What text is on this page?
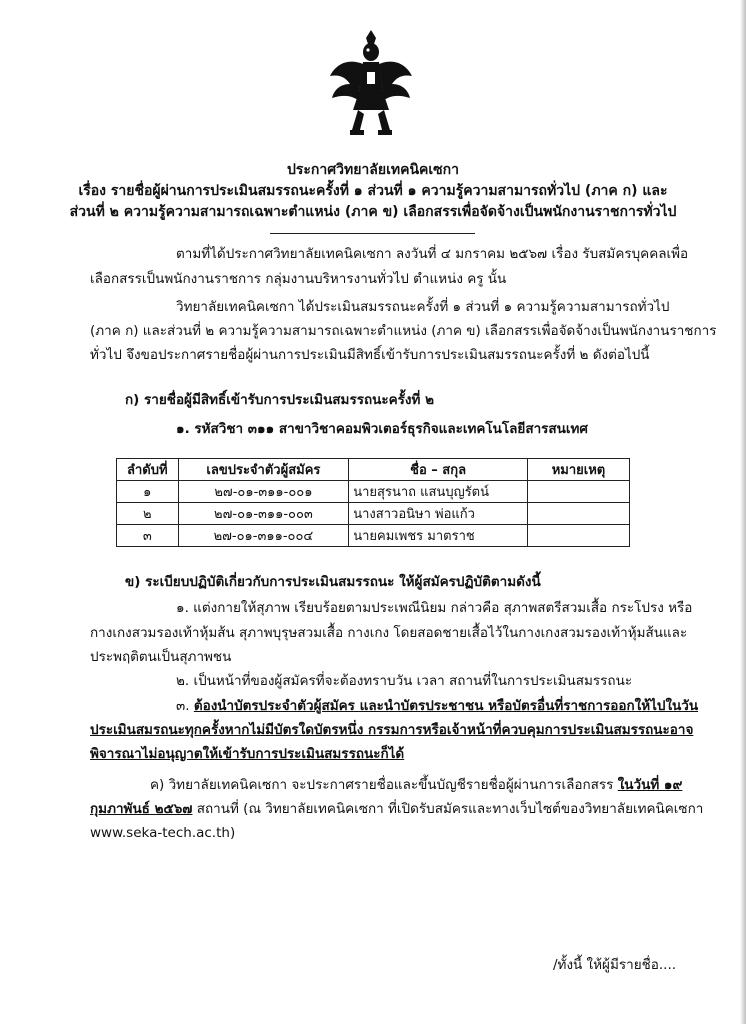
ประกาศวิทยาลัยเทคนิคเซกา
เรื่อง รายชื่อผู้ผ่านการประเมินสมรรถนะครั้งที่ ๑ ส่วนที่ ๑ ความรู้ความสามารถทั่วไป (ภาค ก) และ
ส่วนที่ ๒ ความรู้ความสามารถเฉพาะตำแหน่ง (ภาค ข) เลือกสรรเพื่อจัดจ้างเป็นพนักงานราชการทั่วไป
ตามที่ได้ประกาศวิทยาลัยเทคนิคเซกา ลงวันที่ ๔ มกราคม ๒๕๖๗ เรื่อง รับสมัครบุคคลเพื่อ
เลือกสรรเป็นพนักงานราชการ กลุ่มงานบริหารงานทั่วไป ตำแหน่ง ครู นั้น
วิทยาลัยเทคนิคเซกา ได้ประเมินสมรรถนะครั้งที่ ๑ ส่วนที่ ๑ ความรู้ความสามารถทั่วไป
(ภาค ก) และส่วนที่ ๒ ความรู้ความสามารถเฉพาะตำแหน่ง (ภาค ข) เลือกสรรเพื่อจัดจ้างเป็นพนักงานราชการ
ทั่วไป จึงขอประกาศรายชื่อผู้ผ่านการประเมินมีสิทธิ์เข้ารับการประเมินสมรรถนะครั้งที่ ๒ ดังต่อไปนี้
ก) รายชื่อผู้มีสิทธิ์เข้ารับการประเมินสมรรถนะครั้งที่ ๒
๑. รหัสวิชา ๓๑๑ สาขาวิชาคอมพิวเตอร์ธุรกิจและเทคโนโลยีสารสนเทศ
ลำดับที่	เลขประจำตัวผู้สมัคร	ชื่อ – สกุล	หมายเหตุ
๑	๒๗-๐๑-๓๑๑-๐๐๑	นายสุรนาถ แสนบุญรัตน์	
๒	๒๗-๐๑-๓๑๑-๐๐๓	นางสาวอนิษา พ่อแก้ว	
๓	๒๗-๐๑-๓๑๑-๐๐๔	นายคมเพชร มาตราช	
ข) ระเบียบปฏิบัติเกี่ยวกับการประเมินสมรรถนะ ให้ผู้สมัครปฏิบัติตามดังนี้
๑. แต่งกายให้สุภาพ เรียบร้อยตามประเพณีนิยม กล่าวคือ สุภาพสตรีสวมเสื้อ กระโปรง หรือ
กางเกงสวมรองเท้าหุ้มส้น สุภาพบุรุษสวมเสื้อ กางเกง โดยสอดชายเสื้อไว้ในกางเกงสวมรองเท้าหุ้มส้นและ
ประพฤติตนเป็นสุภาพชน
๒. เป็นหน้าที่ของผู้สมัครที่จะต้องทราบวัน เวลา สถานที่ในการประเมินสมรรถนะ
๓. ต้องนำบัตรประจำตัวผู้สมัคร และนำบัตรประชาชน หรือบัตรอื่นที่ราชการออกให้ไปในวัน
ประเมินสมรถนะทุกครั้งหากไม่มีบัตรใดบัตรหนึ่ง กรรมการหรือเจ้าหน้าที่ควบคุมการประเมินสมรรถนะอาจ
พิจารณาไม่อนุญาตให้เข้ารับการประเมินสมรรถนะก็ได้
ค) วิทยาลัยเทคนิคเซกา จะประกาศรายชื่อและขึ้นบัญชีรายชื่อผู้ผ่านการเลือกสรร ในวันที่ ๑๙
กุมภาพันธ์ ๒๕๖๗ สถานที่ (ณ วิทยาลัยเทคนิคเซกา ที่เปิดรับสมัครและทางเว็บไซต์ของวิทยาลัยเทคนิคเซกา
www.seka-tech.ac.th)
/ทั้งนี้ ให้ผู้มีรายชื่อ....
